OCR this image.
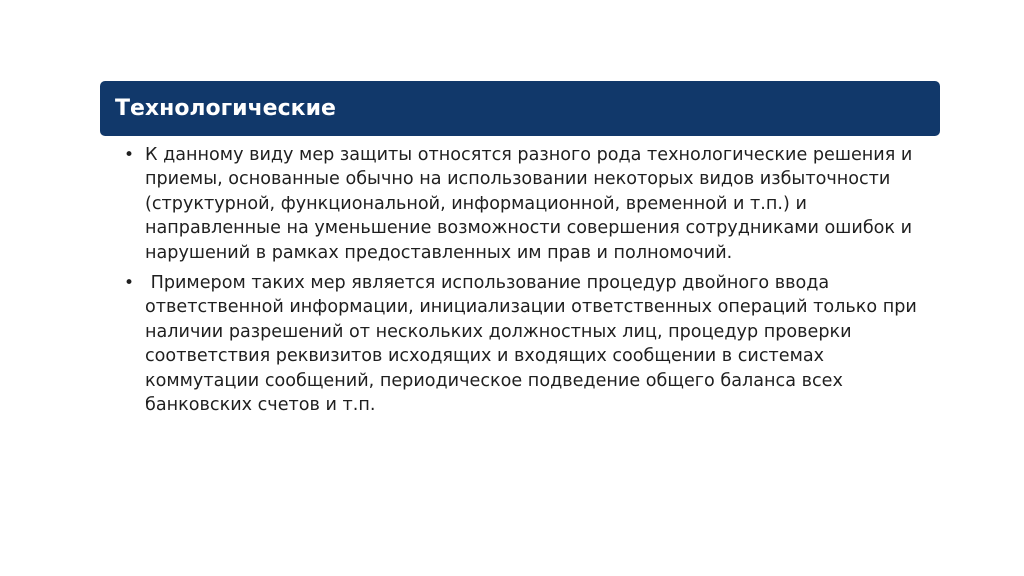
Технологические
• К данному виду мер защиты относятся разного рода технологические решения и приемы, основанные обычно на использовании некоторых видов избыточности (структурной, функциональной, информационной, временной и т.п.) и направленные на уменьшение возможности совершения сотрудниками ошибок и нарушений в рамках предоставленных им прав и полномочий.
• Примером таких мер является использование процедур двойного ввода ответственной информации, инициализации ответственных операций только при наличии разрешений от нескольких должностных лиц, процедур проверки соответствия реквизитов исходящих и входящих сообщении в системах коммутации сообщений, периодическое подведение общего баланса всех банковских счетов и т.п.
